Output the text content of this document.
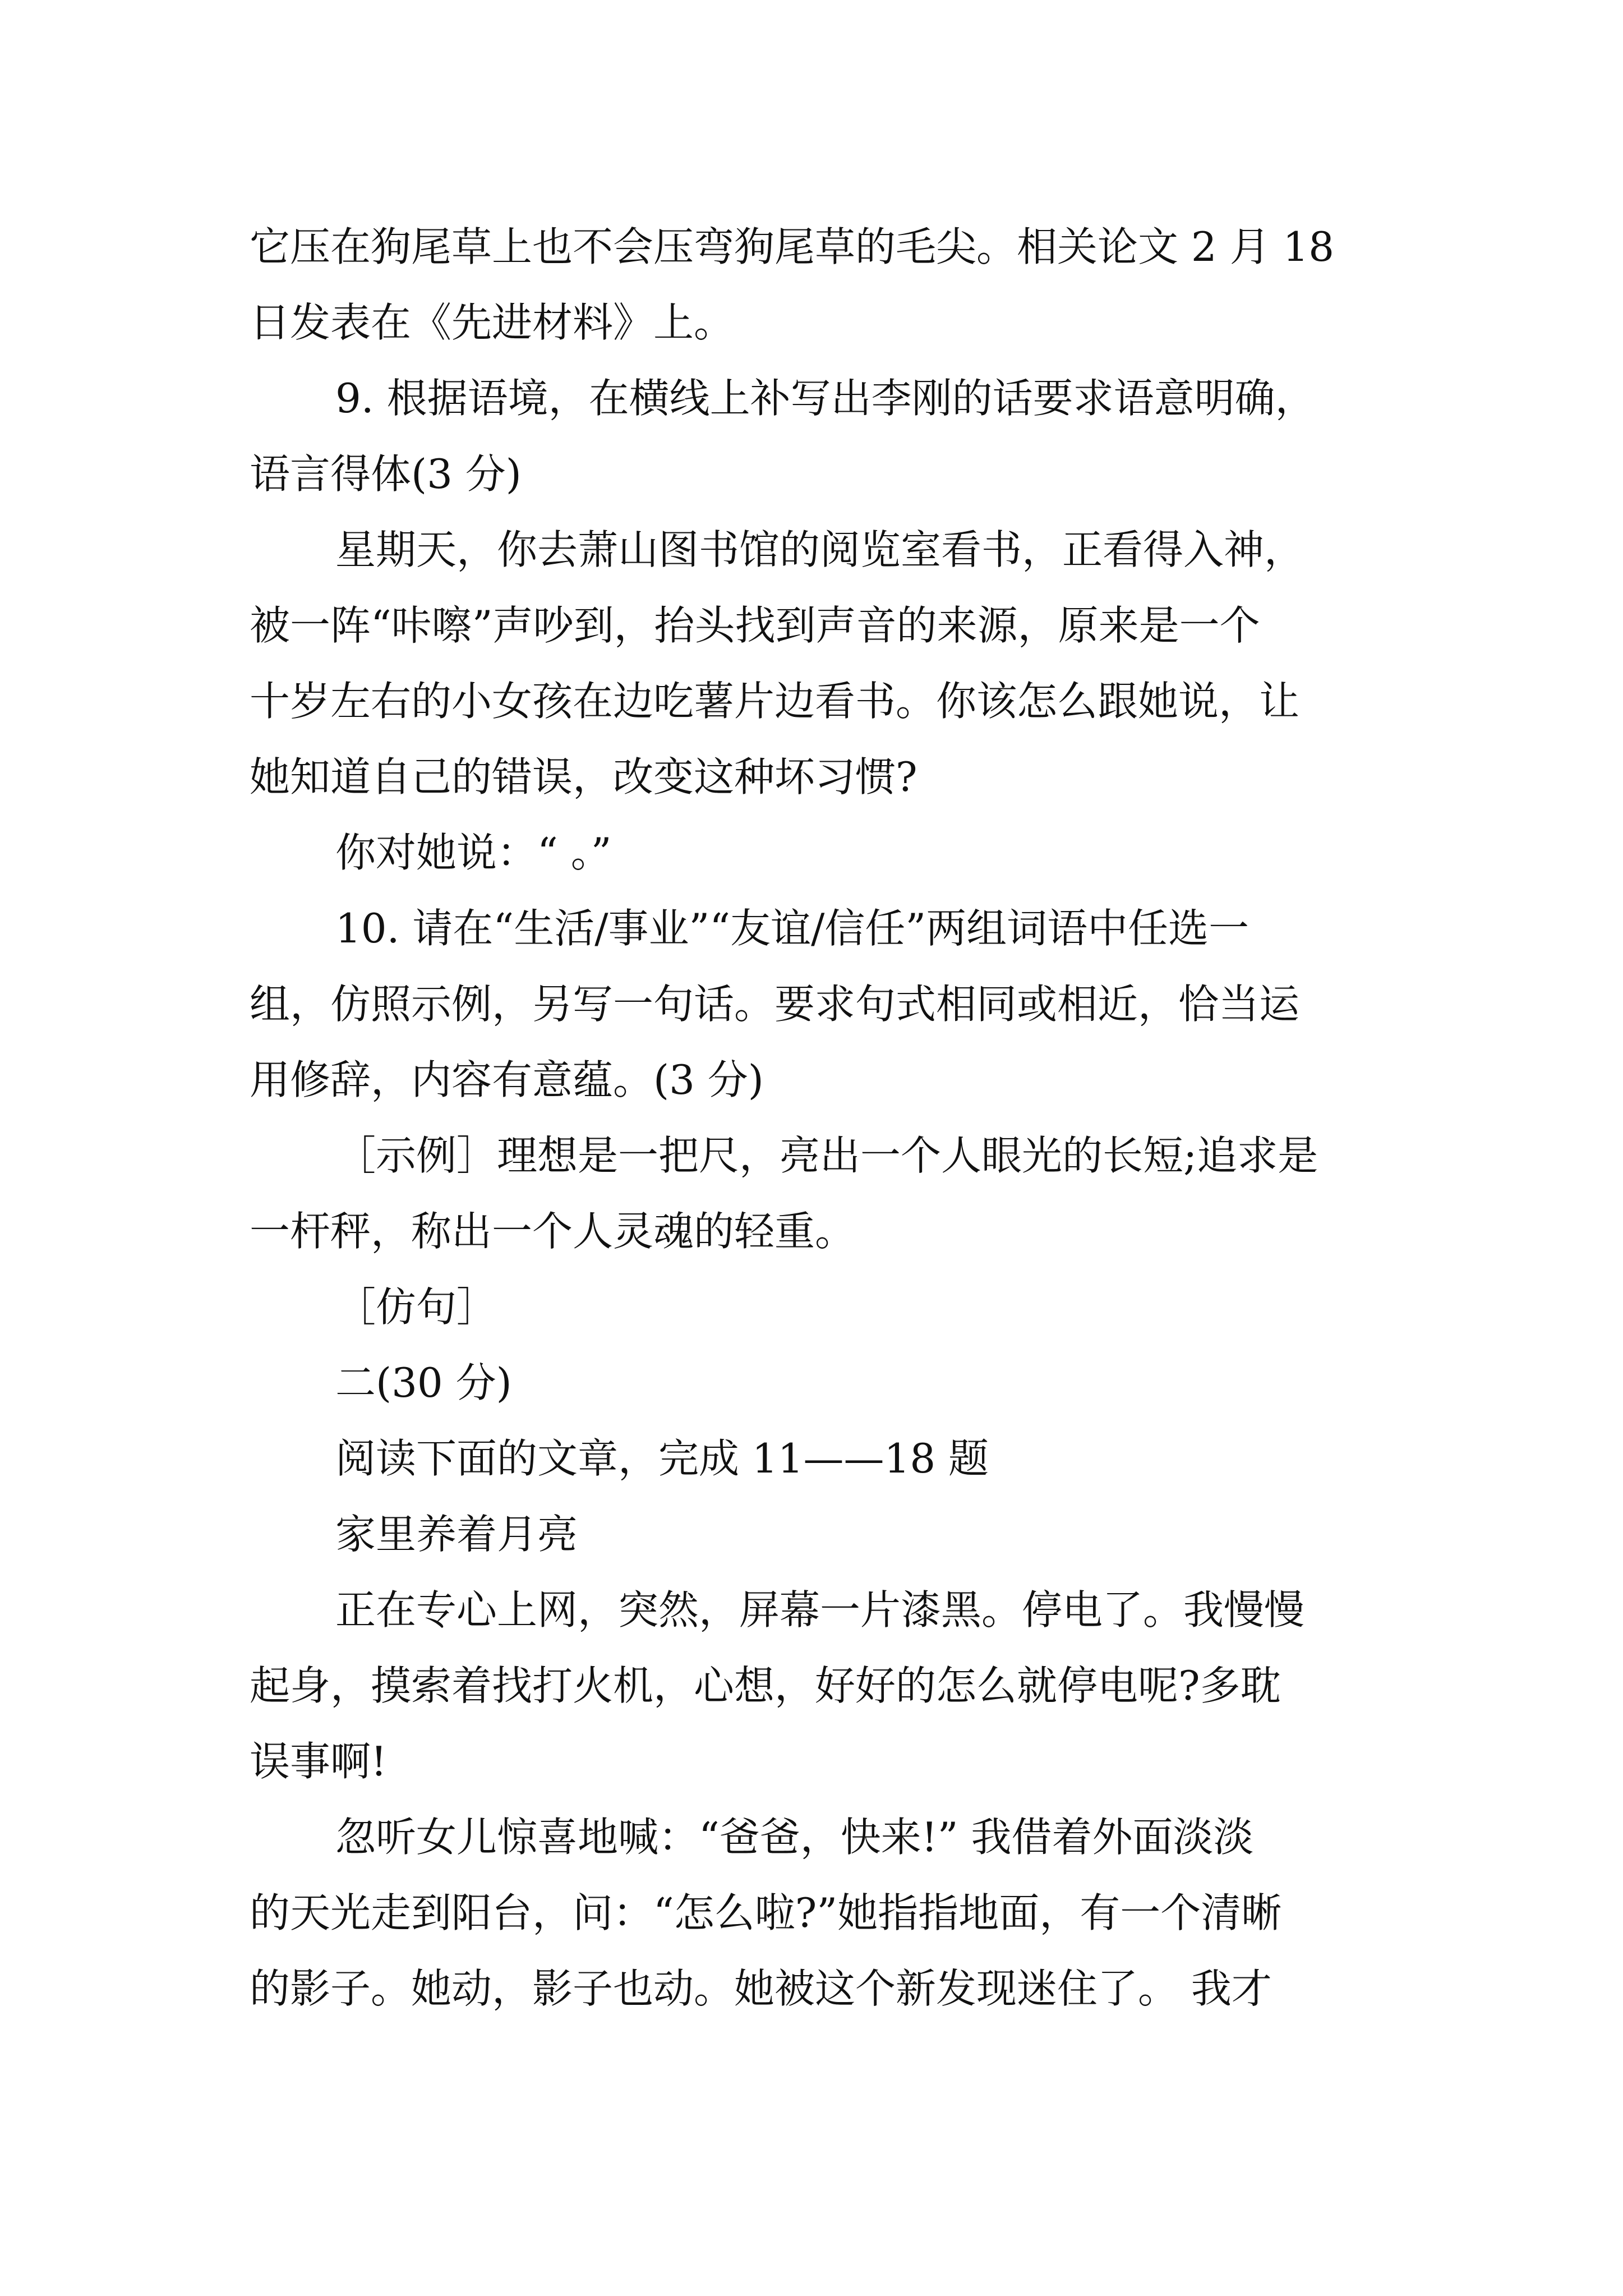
它压在狗尾草上也不会压弯狗尾草的毛尖。相关论文 2 月 18
日发表在《先进材料》上。
9. 根据语境，在横线上补写出李刚的话要求语意明确，
语言得体(3 分)
星期天，你去萧山图书馆的阅览室看书，正看得入神，
被一阵“咔嚓”声吵到，抬头找到声音的来源，原来是一个
十岁左右的小女孩在边吃薯片边看书。你该怎么跟她说，让
她知道自己的错误，改变这种坏习惯?
你对她说：“ 。”
10. 请在“生活/事业”“友谊/信任”两组词语中任选一
组，仿照示例，另写一句话。要求句式相同或相近，恰当运
用修辞，内容有意蕴。(3 分)
［示例］理想是一把尺，亮出一个人眼光的长短;追求是
一杆秤，称出一个人灵魂的轻重。
［仿句］
二(30 分)
阅读下面的文章，完成 11——18 题
家里养着月亮
正在专心上网，突然，屏幕一片漆黑。停电了。我慢慢
起身，摸索着找打火机，心想，好好的怎么就停电呢?多耽
误事啊!
忽听女儿惊喜地喊：“爸爸，快来!” 我借着外面淡淡
的天光走到阳台，问：“怎么啦?”她指指地面，有一个清晰
的影子。她动，影子也动。她被这个新发现迷住了。 我才
